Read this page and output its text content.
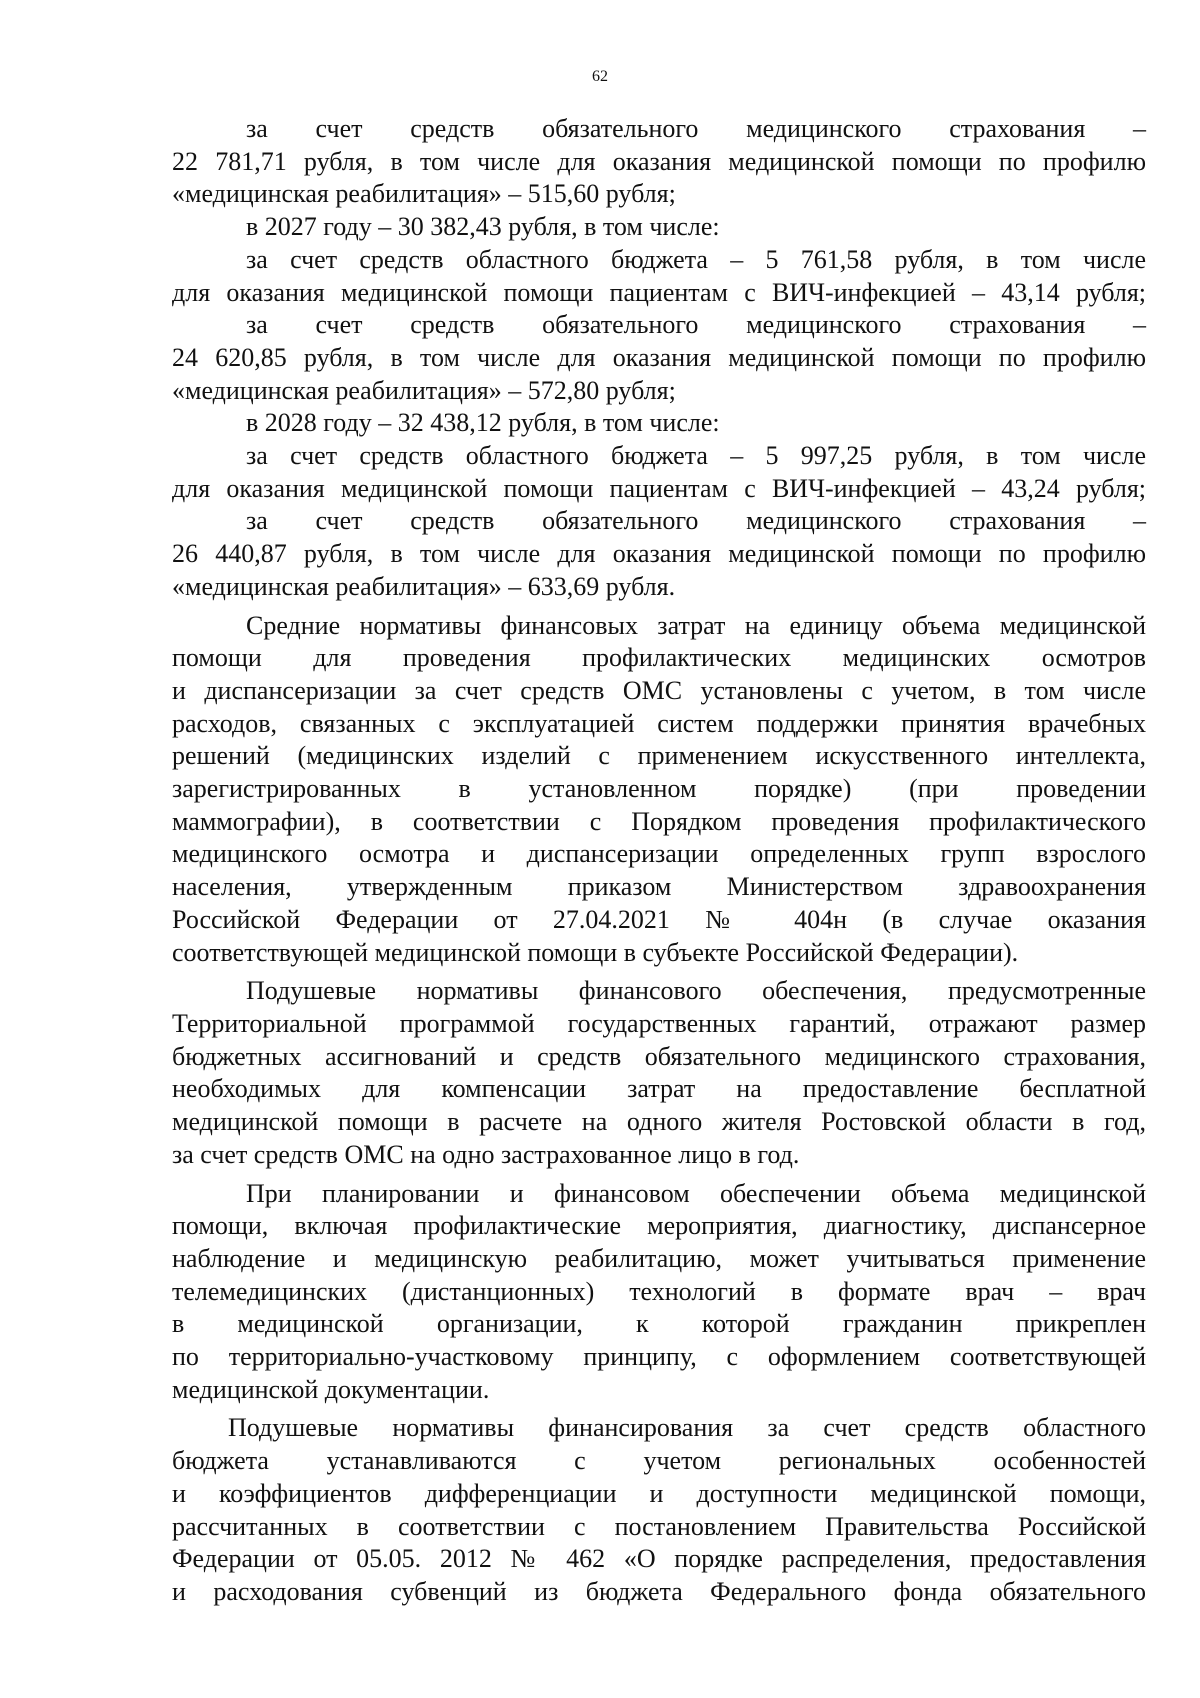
62
за счет средств обязательного медицинского страхования –
22 781,71 рубля, в том числе для оказания медицинской помощи по профилю
«медицинская реабилитация» – 515,60 рубля;
в 2027 году – 30 382,43 рубля, в том числе:
за счет средств областного бюджета – 5 761,58 рубля, в том числе
для оказания медицинской помощи пациентам с ВИЧ-инфекцией – 43,14 рубля;
за счет средств обязательного медицинского страхования –
24 620,85 рубля, в том числе для оказания медицинской помощи по профилю
«медицинская реабилитация» – 572,80 рубля;
в 2028 году – 32 438,12 рубля, в том числе:
за счет средств областного бюджета – 5 997,25 рубля, в том числе
для оказания медицинской помощи пациентам с ВИЧ-инфекцией – 43,24 рубля;
за счет средств обязательного медицинского страхования –
26 440,87 рубля, в том числе для оказания медицинской помощи по профилю
«медицинская реабилитация» – 633,69 рубля.
Средние нормативы финансовых затрат на единицу объема медицинской
помощи для проведения профилактических медицинских осмотров
и диспансеризации за счет средств ОМС установлены с учетом, в том числе
расходов, связанных с эксплуатацией систем поддержки принятия врачебных
решений (медицинских изделий с применением искусственного интеллекта,
зарегистрированных в установленном порядке) (при проведении
маммографии), в соответствии с Порядком проведения профилактического
медицинского осмотра и диспансеризации определенных групп взрослого
населения, утвержденным приказом Министерством здравоохранения
Российской Федерации от 27.04.2021 № 404н (в случае оказания
соответствующей медицинской помощи в субъекте Российской Федерации).
Подушевые нормативы финансового обеспечения, предусмотренные
Территориальной программой государственных гарантий, отражают размер
бюджетных ассигнований и средств обязательного медицинского страхования,
необходимых для компенсации затрат на предоставление бесплатной
медицинской помощи в расчете на одного жителя Ростовской области в год,
за счет средств ОМС на одно застрахованное лицо в год.
При планировании и финансовом обеспечении объема медицинской
помощи, включая профилактические мероприятия, диагностику, диспансерное
наблюдение и медицинскую реабилитацию, может учитываться применение
телемедицинских (дистанционных) технологий в формате врач – врач
в медицинской организации, к которой гражданин прикреплен
по территориально-участковому принципу, с оформлением соответствующей
медицинской документации.
Подушевые нормативы финансирования за счет средств областного
бюджета устанавливаются с учетом региональных особенностей
и коэффициентов дифференциации и доступности медицинской помощи,
рассчитанных в соответствии с постановлением Правительства Российской
Федерации от 05.05. 2012 № 462 «О порядке распределения, предоставления
и расходования субвенций из бюджета Федерального фонда обязательного
